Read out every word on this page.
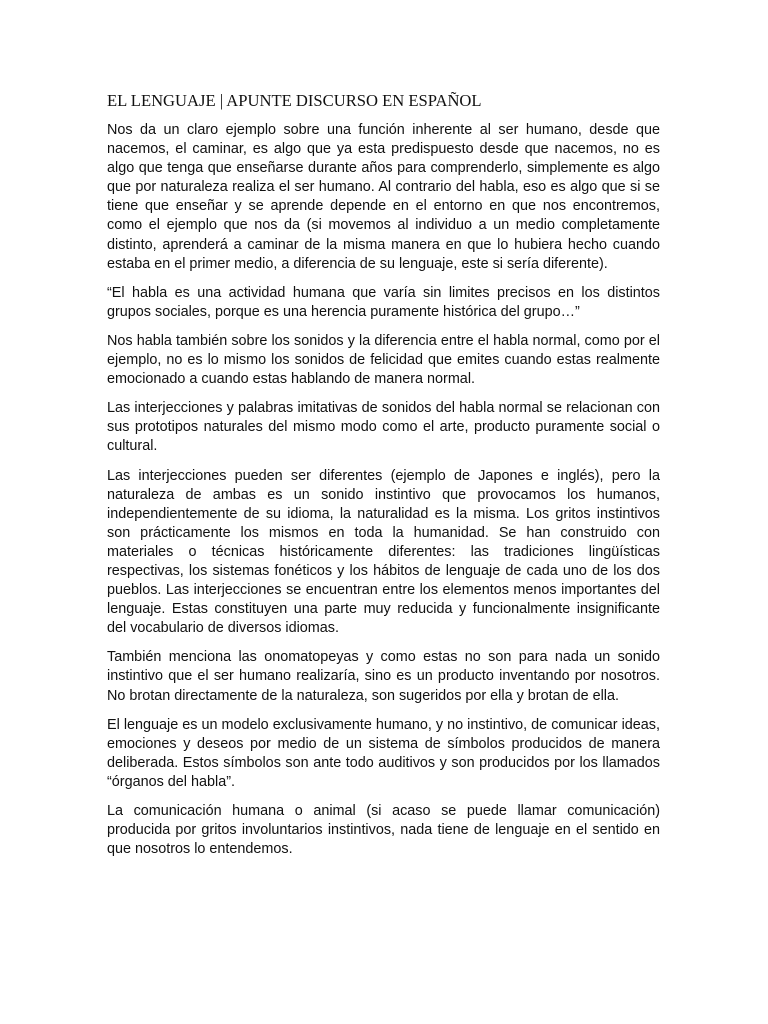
EL LENGUAJE | APUNTE DISCURSO EN ESPAÑOL

Nos da un claro ejemplo sobre una función inherente al ser humano, desde que nacemos, el caminar, es algo que ya esta predispuesto desde que nacemos, no es algo que tenga que enseñarse durante años para comprenderlo, simplemente es algo que por naturaleza realiza el ser humano. Al contrario del habla, eso es algo que si se tiene que enseñar y se aprende depende en el entorno en que nos encontremos, como el ejemplo que nos da (si movemos al individuo a un medio completamente distinto, aprenderá a caminar de la misma manera en que lo hubiera hecho cuando estaba en el primer medio, a diferencia de su lenguaje, este si sería diferente).

“El habla es una actividad humana que varía sin limites precisos en los distintos grupos sociales, porque es una herencia puramente histórica del grupo…”

Nos habla también sobre los sonidos y la diferencia entre el habla normal, como por el ejemplo, no es lo mismo los sonidos de felicidad que emites cuando estas realmente emocionado a cuando estas hablando de manera normal.

Las interjecciones y palabras imitativas de sonidos del habla normal se relacionan con sus prototipos naturales del mismo modo como el arte, producto puramente social o cultural.

Las interjecciones pueden ser diferentes (ejemplo de Japones e inglés), pero la naturaleza de ambas es un sonido instintivo que provocamos los humanos, independientemente de su idioma, la naturalidad es la misma. Los gritos instintivos son prácticamente los mismos en toda la humanidad. Se han construido con materiales o técnicas históricamente diferentes: las tradiciones lingüísticas respectivas, los sistemas fonéticos y los hábitos de lenguaje de cada uno de los dos pueblos. Las interjecciones se encuentran entre los elementos menos importantes del lenguaje. Estas constituyen una parte muy reducida y funcionalmente insignificante del vocabulario de diversos idiomas.

También menciona las onomatopeyas y como estas no son para nada un sonido instintivo que el ser humano realizaría, sino es un producto inventando por nosotros. No brotan directamente de la naturaleza, son sugeridos por ella y brotan de ella.

El lenguaje es un modelo exclusivamente humano, y no instintivo, de comunicar ideas, emociones y deseos por medio de un sistema de símbolos producidos de manera deliberada. Estos símbolos son ante todo auditivos y son producidos por los llamados “órganos del habla”.

La comunicación humana o animal (si acaso se puede llamar comunicación) producida por gritos involuntarios instintivos, nada tiene de lenguaje en el sentido en que nosotros lo entendemos.
